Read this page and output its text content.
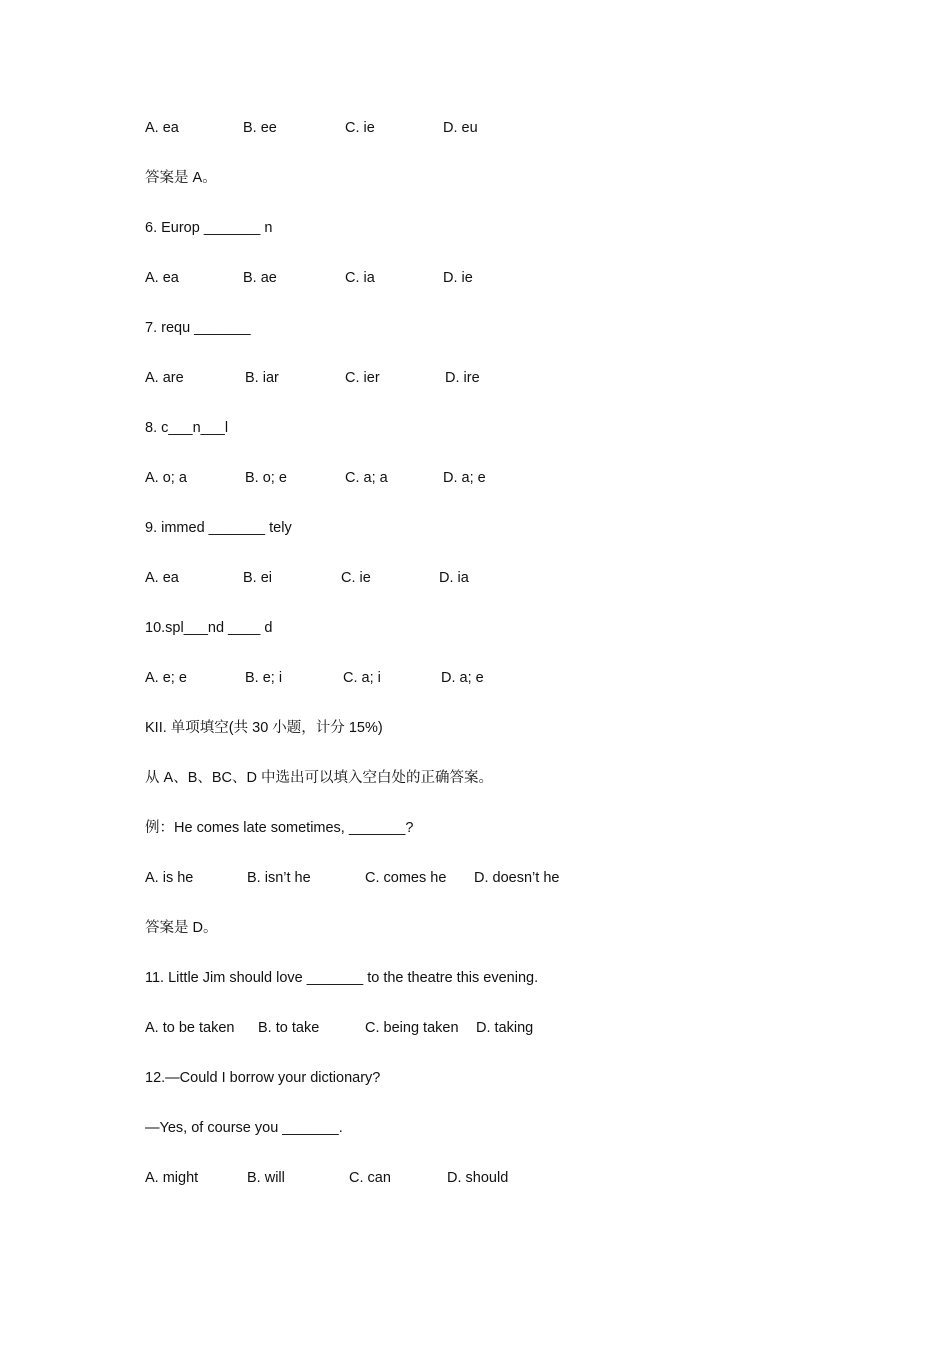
A. ea	B. ee	C. ie	D. eu
答案是 A。
6. Europ _______ n
A. ea	B. ae	C. ia	D. ie
7. requ _______
A. are	B. iar	C. ier	D. ire
8. c___n___l
A. o; a	B. o; e	C. a; a	D. a; e
9. immed _______ tely
A. ea	B. ei	C. ie	D. ia
10.spl___nd ____ d
A. e; e	B. e; i	C. a; i	D. a; e
KII. 单项填空(共 30 小题，计分 15%)
从 A、B、BC、D 中选出可以填入空白处的正确答案。
例：He comes late sometimes, _______?
A. is he	B. isn’t he	C. comes he D. doesn’t he
答案是 D。
11. Little Jim should love _______ to the theatre this evening.
A. to be taken B. to take	C. being taken D. taking
12.—Could I borrow your dictionary?
—Yes, of course you _______.
A. might	B. will	C. can	D. should
